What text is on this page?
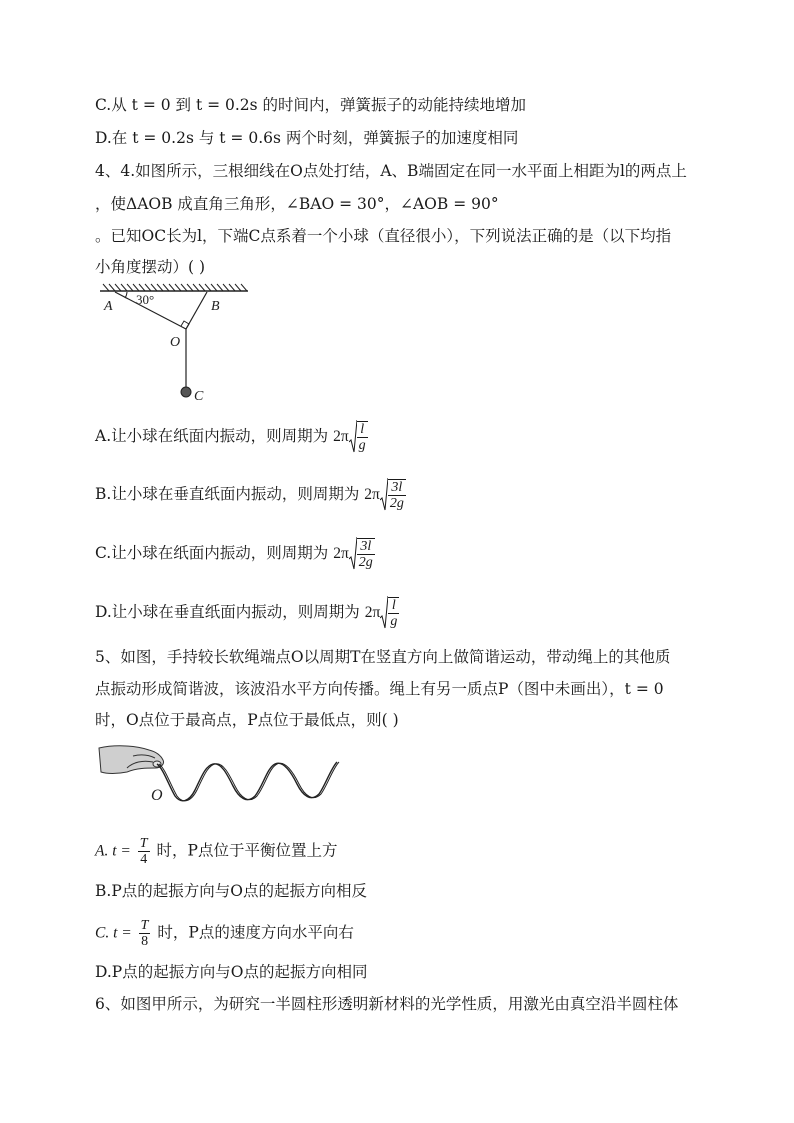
C.从 t = 0 到 t = 0.2s 的时间内，弹簧振子的动能持续地增加
D.在 t = 0.2s 与 t = 0.6s 两个时刻，弹簧振子的加速度相同
4、4.如图所示，三根细线在O点处打结，A、B端固定在同一水平面上相距为l的两点上
，使ΔAOB 成直角三角形，∠BAO = 30°，∠AOB = 90°
。已知OC长为l，下端C点系着一个小球（直径很小），下列说法正确的是（以下均指
小角度摆动）( )
A 30°	B
O
C
A.让小球在纸面内振动，则周期为 $2\pi \frac{l}{g}$
B.让小球在垂直纸面内振动，则周期为 $2\pi \frac{3l}{2g}$
C.让小球在纸面内振动，则周期为 $2\pi \frac{3l}{2g}$
D.让小球在垂直纸面内振动，则周期为 $2\pi \frac{l}{g}$
5、如图，手持较长软绳端点O以周期T在竖直方向上做简谐运动，带动绳上的其他质
点振动形成简谐波，该波沿水平方向传播。绳上有另一质点P（图中未画出），t = 0
时，O点位于最高点，P点位于最低点，则( )
O
A. $t = \frac{T}{4}$ 时，P点位于平衡位置上方
B.P点的起振方向与O点的起振方向相反
C. $t = \frac{T}{8}$ 时，P点的速度方向水平向右
D.P点的起振方向与O点的起振方向相同
6、如图甲所示，为研究一半圆柱形透明新材料的光学性质，用激光由真空沿半圆柱体
